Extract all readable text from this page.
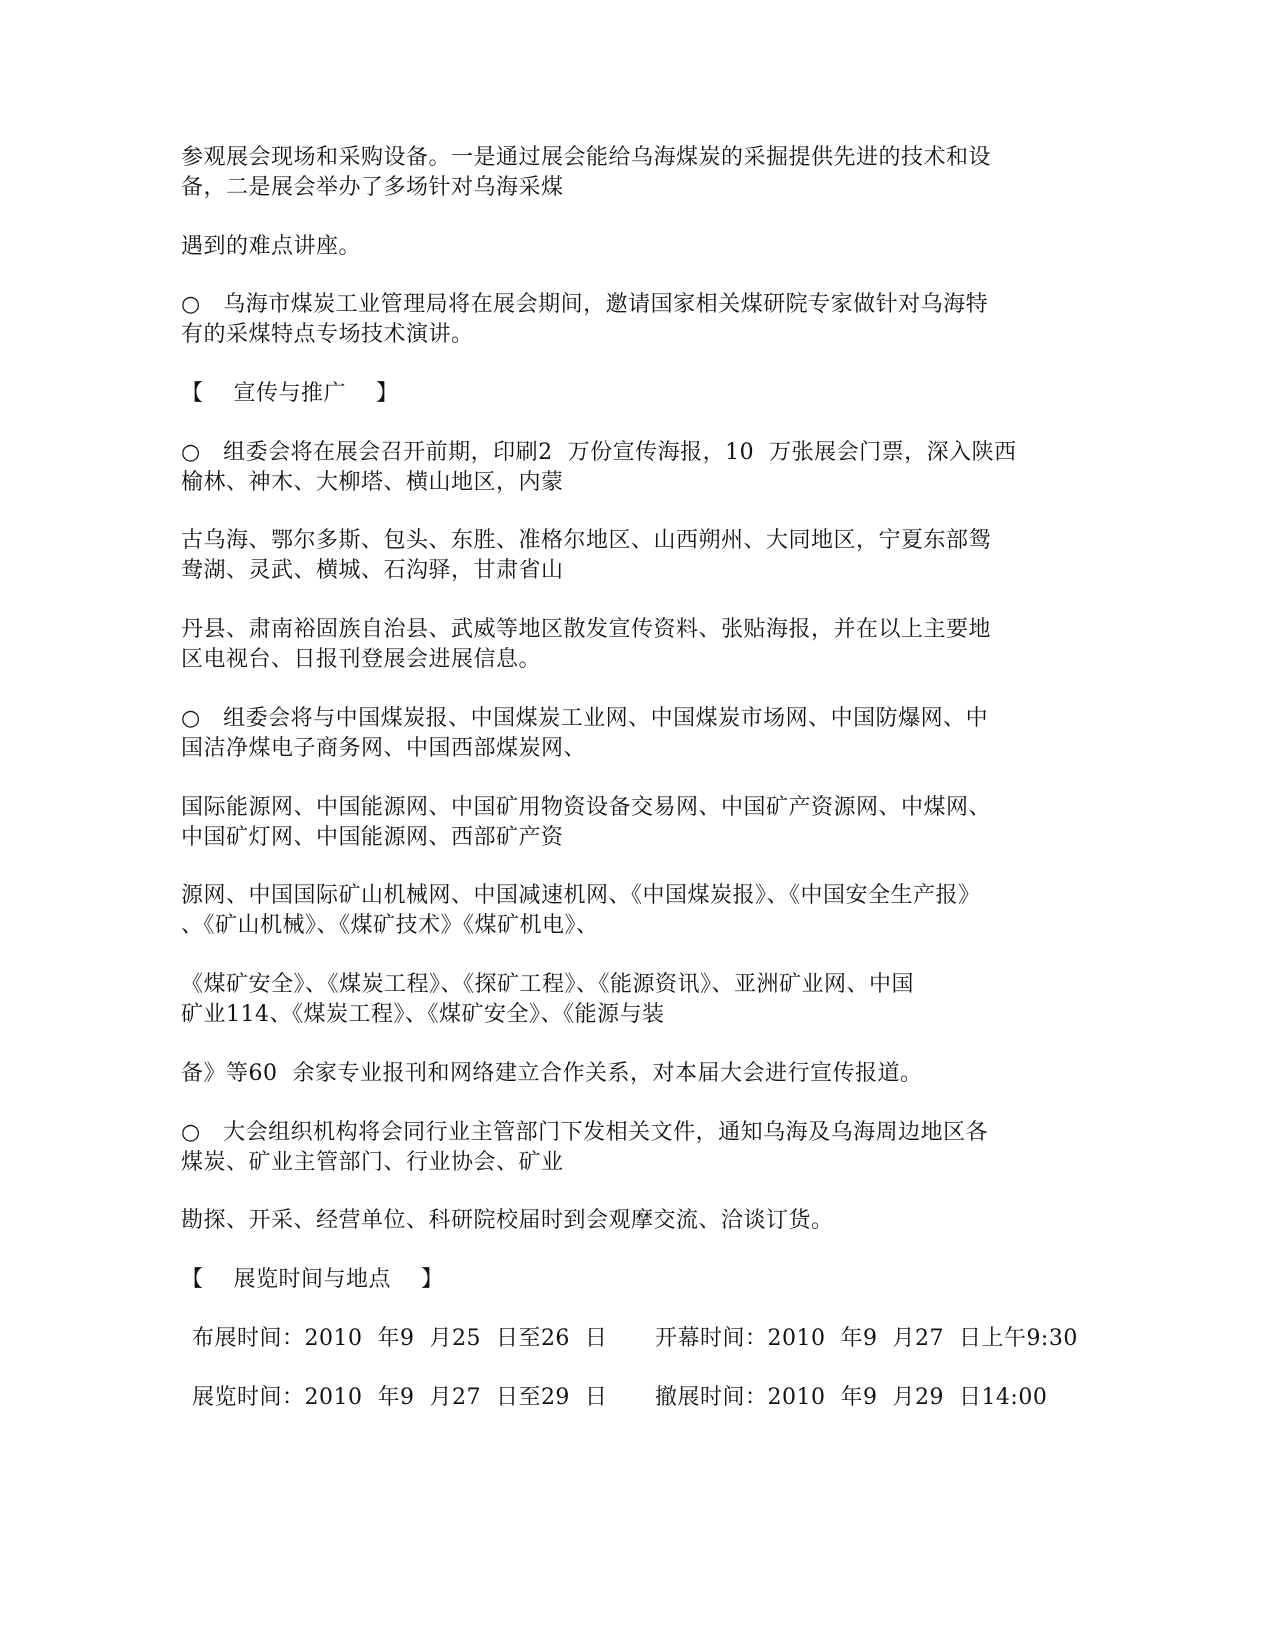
参观展会现场和采购设备。一是通过展会能给乌海煤炭的采掘提供先进的技术和设
备，二是展会举办了多场针对乌海采煤
遇到的难点讲座。
○   乌海市煤炭工业管理局将在展会期间，邀请国家相关煤研院专家做针对乌海特
有的采煤特点专场技术演讲。
【    宣传与推广    】
○   组委会将在展会召开前期，印刷2  万份宣传海报，10  万张展会门票，深入陕西
榆林、神木、大柳塔、横山地区，内蒙
古乌海、鄂尔多斯、包头、东胜、准格尔地区、山西朔州、大同地区，宁夏东部鸳
鸯湖、灵武、横城、石沟驿，甘肃省山
丹县、肃南裕固族自治县、武威等地区散发宣传资料、张贴海报，并在以上主要地
区电视台、日报刊登展会进展信息。
○   组委会将与中国煤炭报、中国煤炭工业网、中国煤炭市场网、中国防爆网、中
国洁净煤电子商务网、中国西部煤炭网、
国际能源网、中国能源网、中国矿用物资设备交易网、中国矿产资源网、中煤网、
中国矿灯网、中国能源网、西部矿产资
源网、中国国际矿山机械网、中国减速机网、《中国煤炭报》、《中国安全生产报》
、《矿山机械》、《煤矿技术》《煤矿机电》、
《煤矿安全》、《煤炭工程》、《探矿工程》、《能源资讯》、亚洲矿业网、中国
矿业114、《煤炭工程》、《煤矿安全》、《能源与装
备》等60  余家专业报刊和网络建立合作关系，对本届大会进行宣传报道。
○   大会组织机构将会同行业主管部门下发相关文件，通知乌海及乌海周边地区各
煤炭、矿业主管部门、行业协会、矿业
勘探、开采、经营单位、科研院校届时到会观摩交流、洽谈订货。
【    展览时间与地点    】
布展时间：2010  年9  月25  日至26  日 开幕时间：2010  年9  月27  日上午9:30
展览时间：2010  年9  月27  日至29  日 撤展时间：2010  年9  月29  日14:00
